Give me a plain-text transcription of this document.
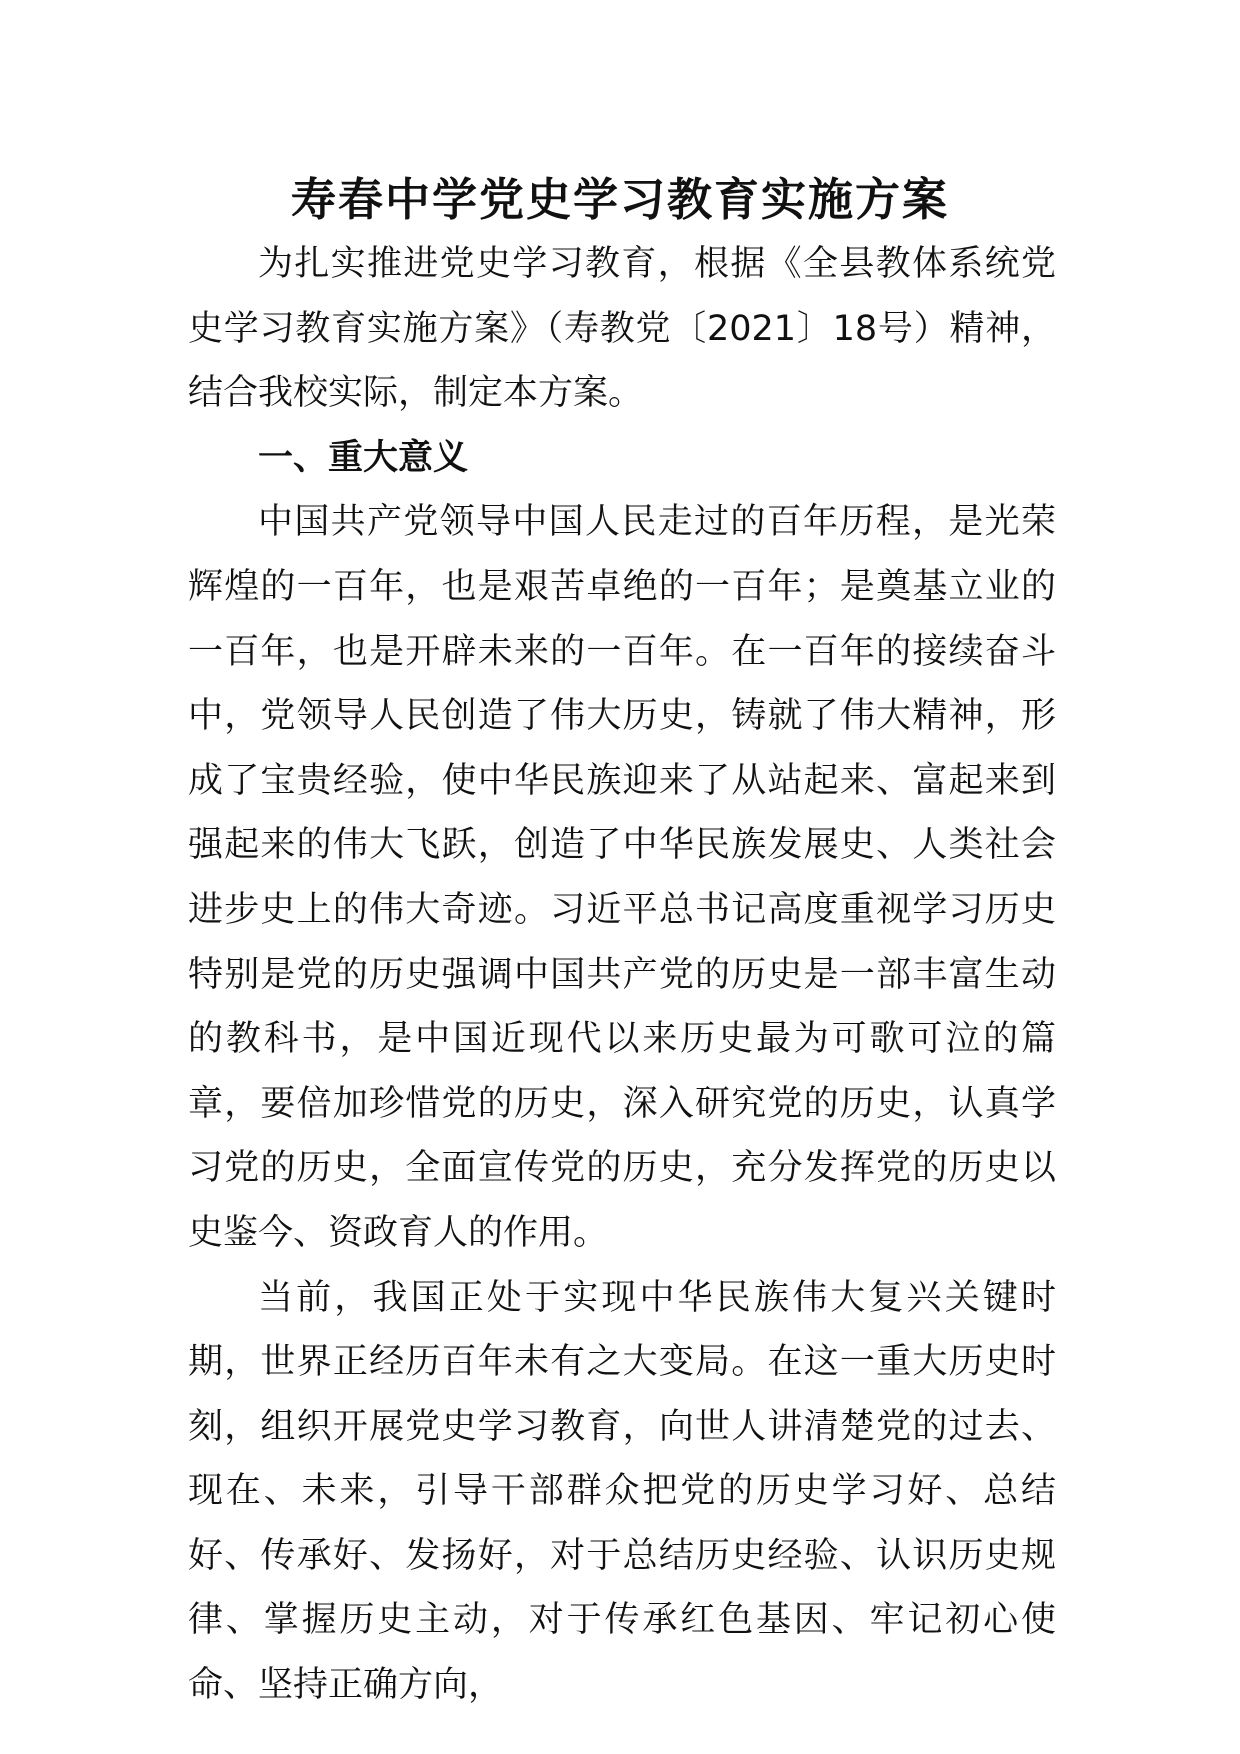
寿春中学党史学习教育实施方案

为扎实推进党史学习教育，根据《全县教体系统党史学习教育实施方案》（寿教党〔2021〕18号）精神，结合我校实际，制定本方案。

一、重大意义

中国共产党领导中国人民走过的百年历程，是光荣辉煌的一百年，也是艰苦卓绝的一百年；是奠基立业的一百年，也是开辟未来的一百年。在一百年的接续奋斗中，党领导人民创造了伟大历史，铸就了伟大精神，形成了宝贵经验，使中华民族迎来了从站起来、富起来到强起来的伟大飞跃，创造了中华民族发展史、人类社会进步史上的伟大奇迹。习近平总书记高度重视学习历史特别是党的历史强调中国共产党的历史是一部丰富生动的教科书，是中国近现代以来历史最为可歌可泣的篇章，要倍加珍惜党的历史，深入研究党的历史，认真学习党的历史，全面宣传党的历史，充分发挥党的历史以史鉴今、资政育人的作用。

当前，我国正处于实现中华民族伟大复兴关键时期，世界正经历百年未有之大变局。在这一重大历史时刻，组织开展党史学习教育，向世人讲清楚党的过去、现在、未来，引导干部群众把党的历史学习好、总结好、传承好、发扬好，对于总结历史经验、认识历史规律、掌握历史主动，对于传承红色基因、牢记初心使命、坚持正确方向，
